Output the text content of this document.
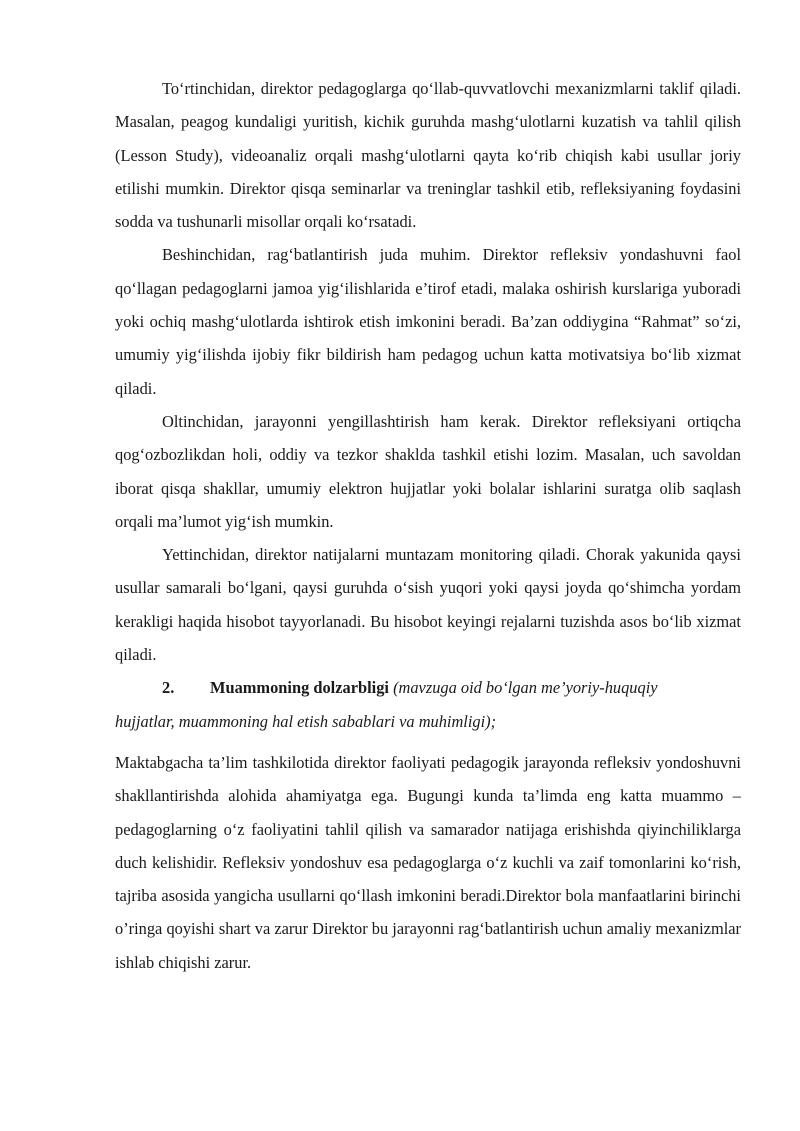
To‘rtinchidan, direktor pedagoglarga qo‘llab-quvvatlovchi mexanizmlarni taklif qiladi. Masalan, peagog kundaligi yuritish, kichik guruhda mashg‘ulotlarni kuzatish va tahlil qilish (Lesson Study), videoanaliz orqali mashg‘ulotlarni qayta ko‘rib chiqish kabi usullar joriy etilishi mumkin. Direktor qisqa seminarlar va treninglar tashkil etib, refleksiyaning foydasini sodda va tushunarli misollar orqali ko‘rsatadi.

Beshinchidan, rag‘batlantirish juda muhim. Direktor refleksiv yondashuvni faol qo‘llagan pedagoglarni jamoa yig‘ilishlarida e’tirof etadi, malaka oshirish kurslariga yuboradi yoki ochiq mashg‘ulotlarda ishtirok etish imkonini beradi. Ba’zan oddiygina “Rahmat” so‘zi, umumiy yig‘ilishda ijobiy fikr bildirish ham pedagog uchun katta motivatsiya bo‘lib xizmat qiladi.

Oltinchidan, jarayonni yengillashtirish ham kerak. Direktor refleksiyani ortiqcha qog‘ozbozlikdan holi, oddiy va tezkor shaklda tashkil etishi lozim. Masalan, uch savoldan iborat qisqa shakllar, umumiy elektron hujjatlar yoki bolalar ishlarini suratga olib saqlash orqali ma’lumot yig‘ish mumkin.

Yettinchidan, direktor natijalarni muntazam monitoring qiladi. Chorak yakunida qaysi usullar samarali bo‘lgani, qaysi guruhda o‘sish yuqori yoki qaysi joyda qo‘shimcha yordam kerakligi haqida hisobot tayyorlanadi. Bu hisobot keyingi rejalarni tuzishda asos bo‘lib xizmat qiladi.

2. Muammoning dolzarbligi (mavzuga oid bo‘lgan me’yoriy-huquqiy

hujjatlar, muammoning hal etish sabablari va muhimligi);

Maktabgacha ta’lim tashkilotida direktor faoliyati pedagogik jarayonda refleksiv yondoshuvni shakllantirishda alohida ahamiyatga ega. Bugungi kunda ta’limda eng katta muammo – pedagoglarning o‘z faoliyatini tahlil qilish va samarador natijaga erishishda qiyinchiliklarga duch kelishidir. Refleksiv yondoshuv esa pedagoglarga o‘z kuchli va zaif tomonlarini ko‘rish, tajriba asosida yangicha usullarni qo‘llash imkonini beradi.Direktor bola manfaatlarini birinchi o’ringa qoyishi shart va zarur Direktor bu jarayonni rag‘batlantirish uchun amaliy mexanizmlar ishlab chiqishi zarur.
